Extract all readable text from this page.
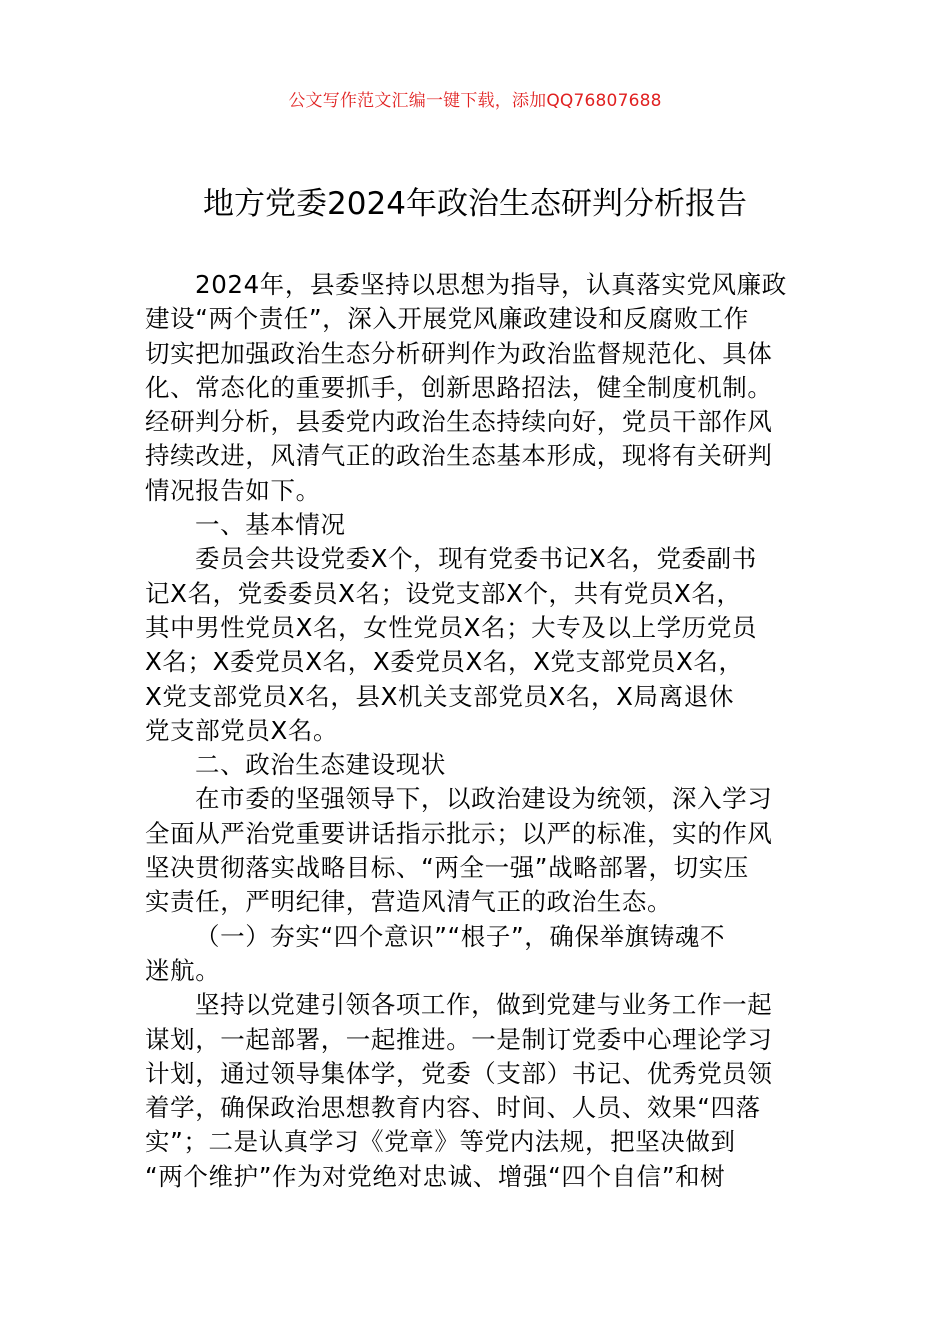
公文写作范文汇编一键下载，添加QQ76807688
地方党委2024年政治生态研判分析报告
2024年，县委坚持以思想为指导，认真落实党风廉政
建设“两个责任”，深入开展党风廉政建设和反腐败工作
切实把加强政治生态分析研判作为政治监督规范化、具体
化、常态化的重要抓手，创新思路招法，健全制度机制。
经研判分析，县委党内政治生态持续向好，党员干部作风
持续改进，风清气正的政治生态基本形成，现将有关研判
情况报告如下。
一、基本情况
委员会共设党委X个，现有党委书记X名，党委副书
记X名，党委委员X名；设党支部X个，共有党员X名，
其中男性党员X名，女性党员X名；大专及以上学历党员
X名；X委党员X名，X委党员X名，X党支部党员X名，
X党支部党员X名，县X机关支部党员X名，X局离退休
党支部党员X名。
二、政治生态建设现状
在市委的坚强领导下，以政治建设为统领，深入学习
全面从严治党重要讲话指示批示；以严的标准，实的作风
坚决贯彻落实战略目标、“两全一强”战略部署，切实压
实责任，严明纪律，营造风清气正的政治生态。
（一）夯实“四个意识”“根子”，确保举旗铸魂不
迷航。
坚持以党建引领各项工作，做到党建与业务工作一起
谋划，一起部署，一起推进。一是制订党委中心理论学习
计划，通过领导集体学，党委（支部）书记、优秀党员领
着学，确保政治思想教育内容、时间、人员、效果“四落
实”；二是认真学习《党章》等党内法规，把坚决做到
“两个维护”作为对党绝对忠诚、增强“四个自信”和树
